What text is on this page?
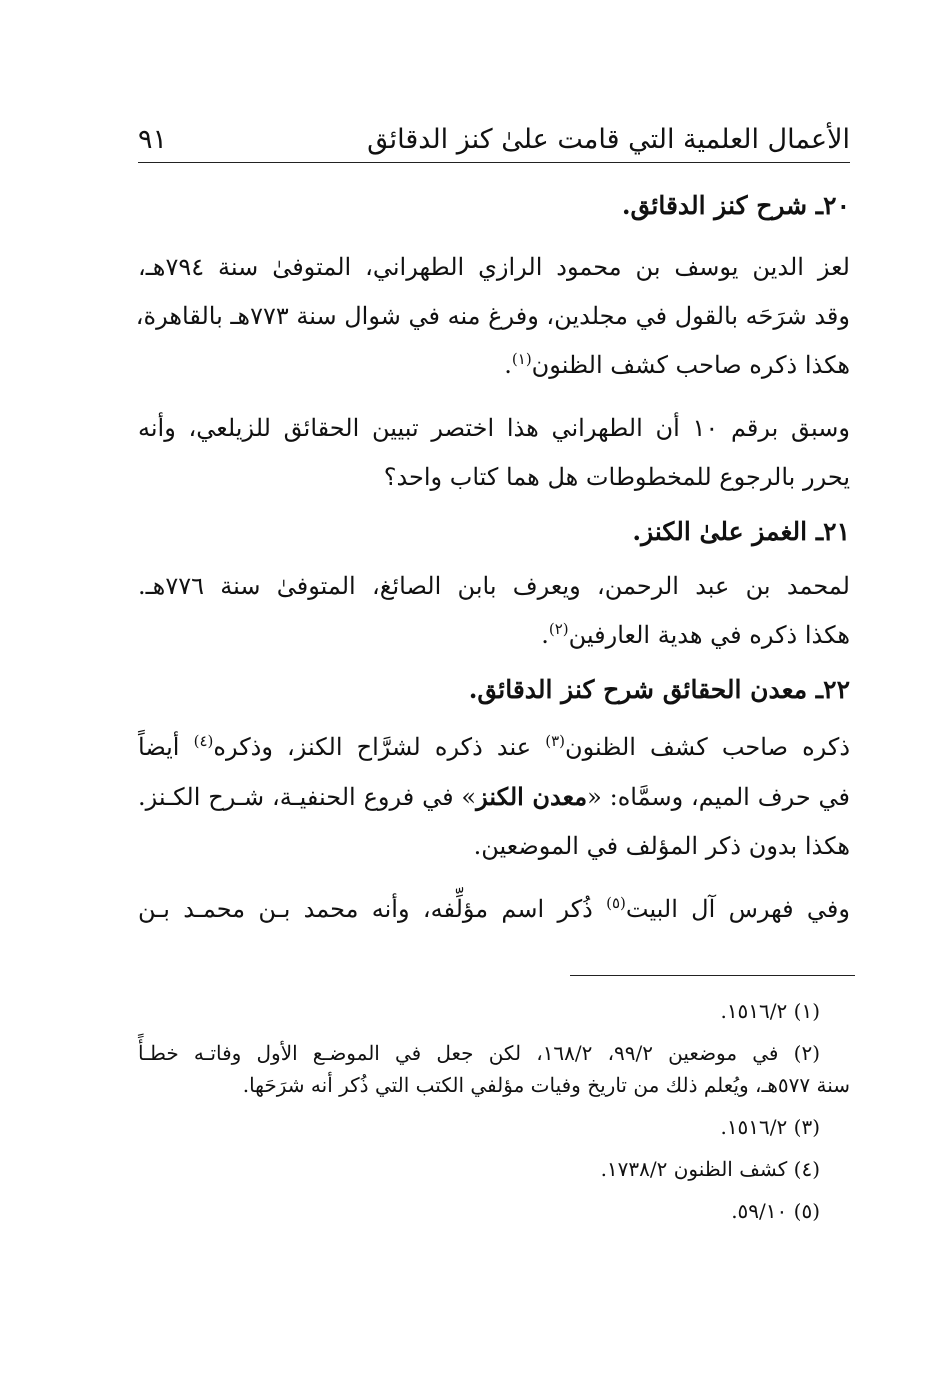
الأعمال العلمية التي قامت علىٰ كنز الدقائق
٩١

٢٠ـ شرح كنز الدقائق.

لعز الدين يوسف بن محمود الرازي الطهراني، المتوفىٰ سنة ٧٩٤هـ،
وقد شرَحَه بالقول في مجلدين، وفرغ منه في شوال سنة ٧٧٣هـ بالقاهرة،
هكذا ذكره صاحب كشف الظنون$^{(١)}$.

وسبق برقم ١٠ أن الطهراني هذا اختصر تبيين الحقائق للزيلعي، وأنه
يحرر بالرجوع للمخطوطات هل هما كتاب واحد؟

٢١ـ الغمز علىٰ الكنز.

لمحمد بن عبد الرحمن، ويعرف بابن الصائغ، المتوفىٰ سنة ٧٧٦هـ.
هكذا ذكره في هدية العارفين$^{(٢)}$.

٢٢ـ معدن الحقائق شرح كنز الدقائق.

ذكره صاحب كشف الظنون$^{(٣)}$ عند ذكره لشرَّاح الكنز، وذكره$^{(٤)}$ أيضاً
في حرف الميم، وسمَّاه: «معدن الكنز» في فروع الحنفيـة، شـرح الكـنز.
هكذا بدون ذكر المؤلف في الموضعين.

وفي فهرس آل البيت$^{(٥)}$ ذُكر اسم مؤلِّفه، وأنه محمد بـن محمـد بـن

(١) ١٥١٦/٢.

(٢) في موضعين ٩٩/٢، ١٦٨/٢، لكن جعل في الموضـع الأول وفاتـه خطـأً
سنة ٥٧٧هـ، ويُعلم ذلك من تاريخ وفيات مؤلفي الكتب التي ذُكر أنه شرَحَها.

(٣) ١٥١٦/٢.

(٤) كشف الظنون ١٧٣٨/٢.

(٥) ٥٩/١٠.
